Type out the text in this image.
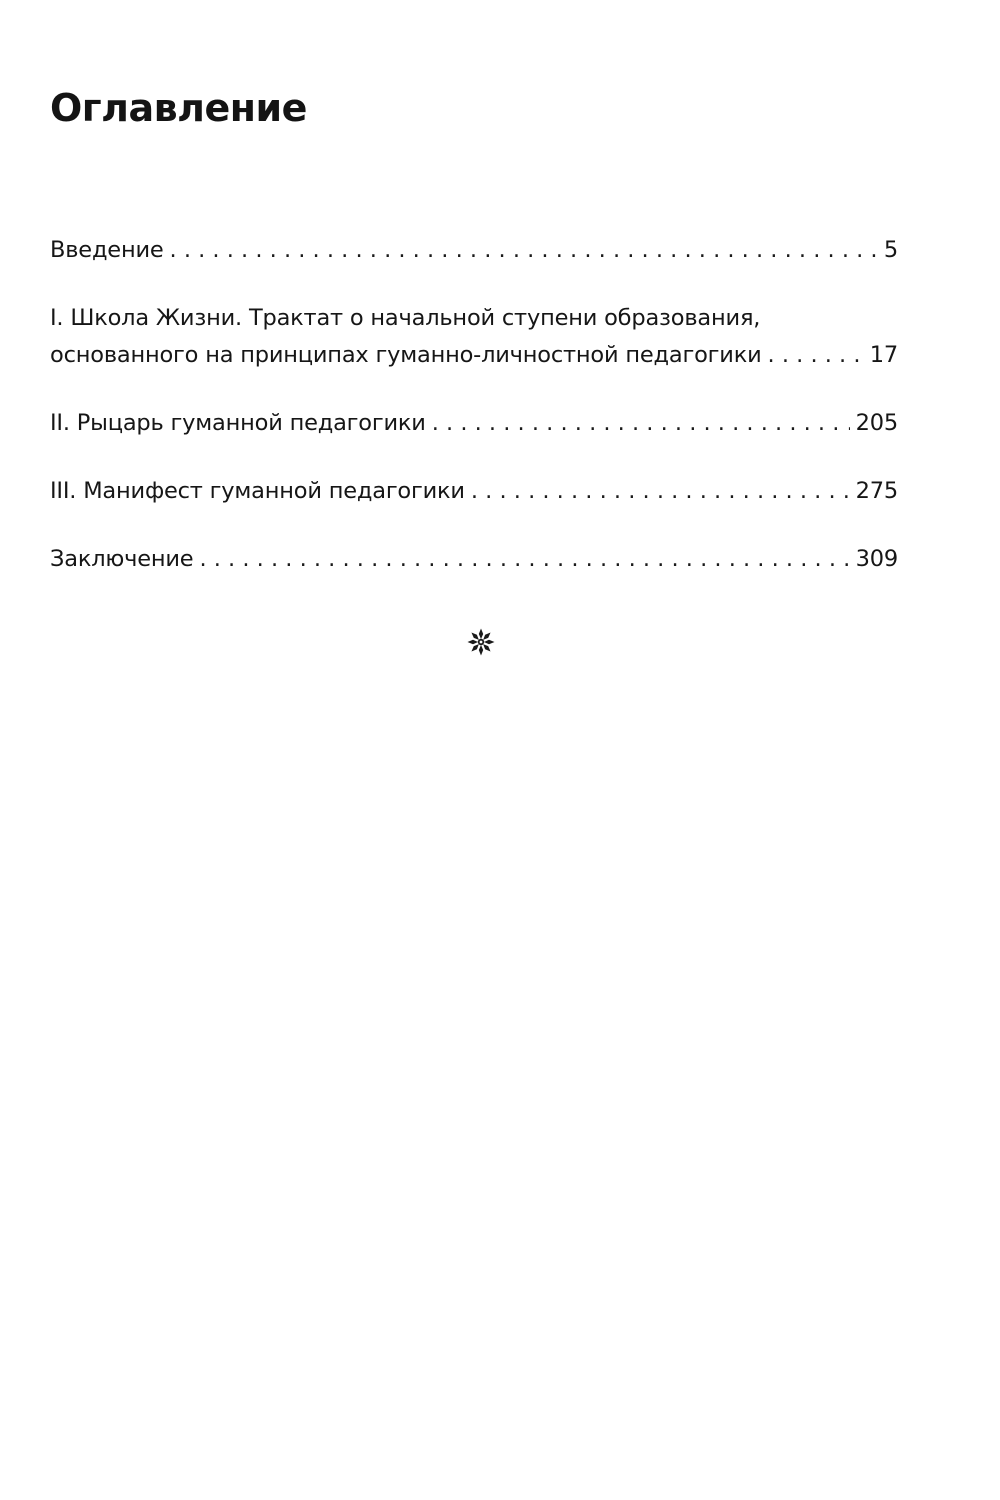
Оглавление
Введение . . .	5
I. Школа Жизни. Трактат о начальной ступени образования,
основанного на принципах гуманно-личностной педагогики . . .	17
II. Рыцарь гуманной педагогики . . .	205
III. Манифест гуманной педагогики . . .	275
Заключение . . .	309
